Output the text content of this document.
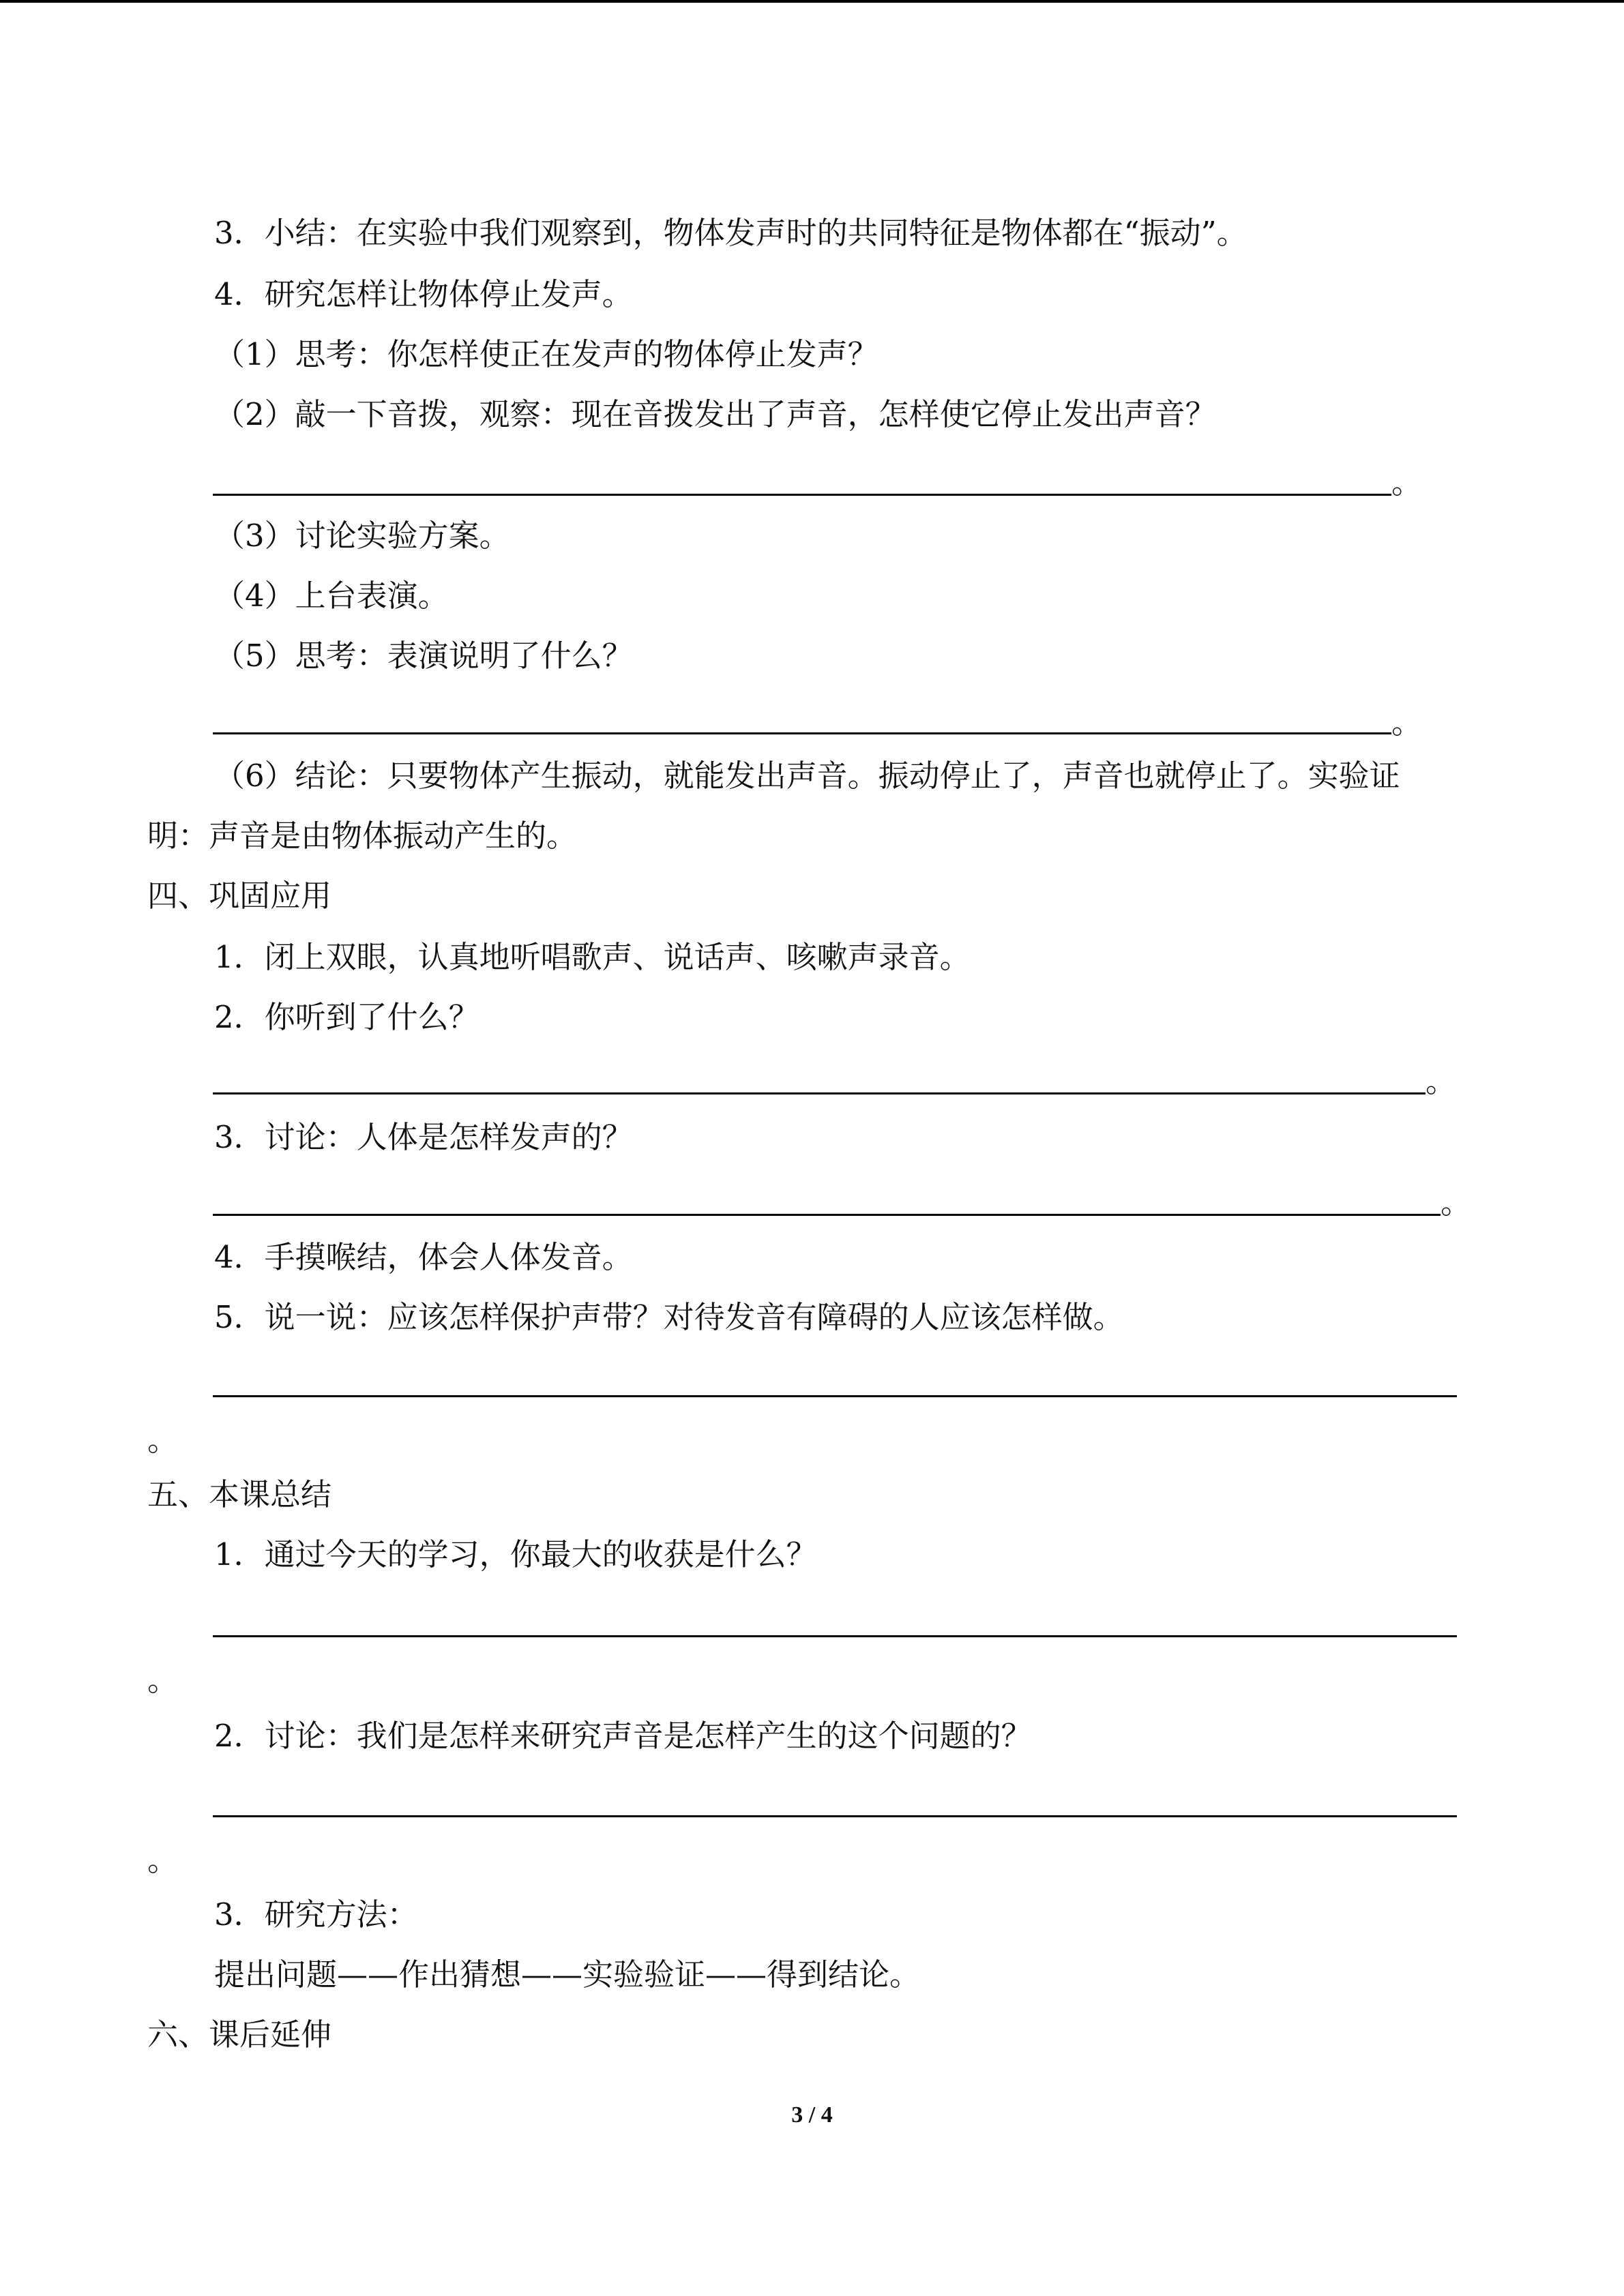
3．小结：在实验中我们观察到，物体发声时的共同特征是物体都在“振动”。
4．研究怎样让物体停止发声。
（1）思考：你怎样使正在发声的物体停止发声？
（2）敲一下音拨，观察：现在音拨发出了声音，怎样使它停止发出声音？
。
（3）讨论实验方案。
（4）上台表演。
（5）思考：表演说明了什么？
。
（6）结论：只要物体产生振动，就能发出声音。振动停止了，声音也就停止了。实验证
明：声音是由物体振动产生的。
四、巩固应用
1．闭上双眼，认真地听唱歌声、说话声、咳嗽声录音。
2．你听到了什么？
。
3．讨论：人体是怎样发声的？
。
4．手摸喉结，体会人体发音。
5．说一说：应该怎样保护声带？对待发音有障碍的人应该怎样做。
。
五、本课总结
1．通过今天的学习，你最大的收获是什么？
。
2．讨论：我们是怎样来研究声音是怎样产生的这个问题的？
。
3．研究方法：
提出问题——作出猜想——实验验证——得到结论。
六、课后延伸
3 / 4
